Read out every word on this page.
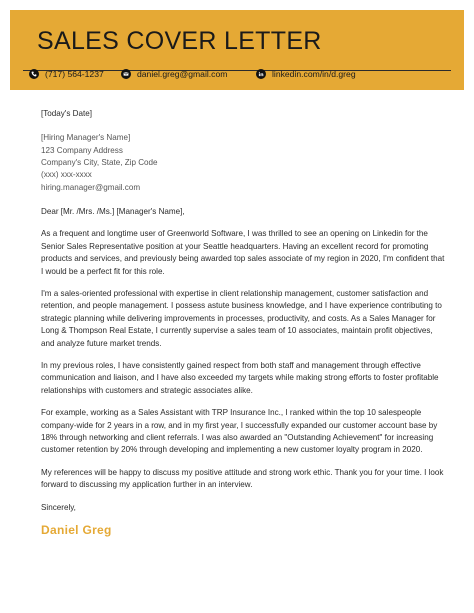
SALES COVER LETTER
(717) 564-1237	daniel.greg@gmail.com	linkedin.com/in/d.greg

[Today's Date]

[Hiring Manager's Name]
123 Company Address
Company's City, State, Zip Code
(xxx) xxx-xxxx
hiring.manager@gmail.com

Dear [Mr. /Mrs. /Ms.] [Manager's Name],

As a frequent and longtime user of Greenworld Software, I was thrilled to see an opening on Linkedin for the Senior Sales Representative position at your Seattle headquarters. Having an excellent record for promoting products and services, and previously being awarded top sales associate of my region in 2020, I'm confident that I would be a perfect fit for this role.

I'm a sales-oriented professional with expertise in client relationship management, customer satisfaction and retention, and people management. I possess astute business knowledge, and I have experience contributing to strategic planning while delivering improvements in processes, productivity, and costs. As a Sales Manager for Long & Thompson Real Estate, I currently supervise a sales team of 10 associates, maintain profit objectives, and analyze future market trends.

In my previous roles, I have consistently gained respect from both staff and management through effective communication and liaison, and I have also exceeded my targets while making strong efforts to foster profitable relationships with customers and strategic associates alike.

For example, working as a Sales Assistant with TRP Insurance Inc., I ranked within the top 10 salespeople company-wide for 2 years in a row, and in my first year, I successfully expanded our customer account base by 18% through networking and client referrals. I was also awarded an "Outstanding Achievement" for increasing customer retention by 20% through developing and implementing a new customer loyalty program in 2020.

My references will be happy to discuss my positive attitude and strong work ethic. Thank you for your time. I look forward to discussing my application further in an interview.

Sincerely,

Daniel Greg
